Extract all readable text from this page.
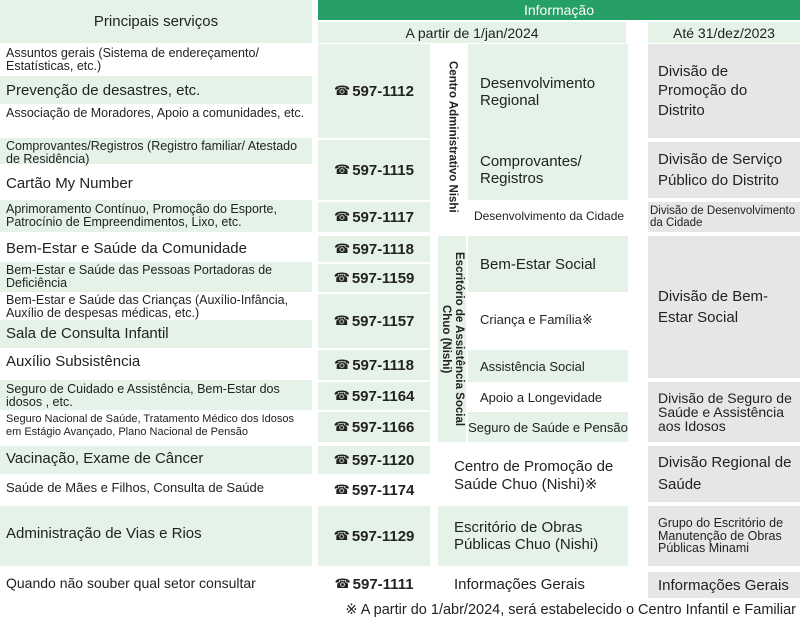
Principais serviços
Informação
A partir de 1/jan/2024	Até 31/dez/2023
Assuntos gerais (Sistema de endereçamento/ Estatísticas, etc.)
Prevenção de desastres, etc.
Associação de Moradores, Apoio a comunidades, etc.
Comprovantes/Registros (Registro familiar/ Atestado de Residência)
Cartão My Number
Aprimoramento Contínuo, Promoção do Esporte, Patrocínio de Empreendimentos, Lixo, etc.
Bem-Estar e Saúde da Comunidade
Bem-Estar e Saúde das Pessoas Portadoras de Deficiência
Bem-Estar e Saúde das Crianças (Auxílio-Infância, Auxílio de despesas médicas, etc.)
Sala de Consulta Infantil
Auxílio Subsistência
Seguro de Cuidado e Assistência, Bem-Estar dos idosos , etc.
Seguro Nacional de Saúde, Tratamento Médico dos Idosos em Estágio Avançado, Plano Nacional de Pensão
Vacinação, Exame de Câncer
Saúde de Mães e Filhos, Consulta de Saúde
Administração de Vias e Rios
Quando não souber qual setor consultar
☎ 597-1112
☎ 597-1115
☎ 597-1117
☎ 597-1118
☎ 597-1159
☎ 597-1157
☎ 597-1118
☎ 597-1164
☎ 597-1166
☎ 597-1120
☎ 597-1174
☎ 597-1129
☎ 597-1111
Centro Administrativo Nishi
Escritório de Assistência Social Chuo (Nishi)
Desenvolvimento Regional
Comprovantes/ Registros
Desenvolvimento da Cidade
Bem-Estar Social
Criança e Família※
Assistência Social
Apoio a Longevidade
Seguro de Saúde e Pensão
Centro de Promoção de Saúde Chuo (Nishi)※
Escritório de Obras Públicas Chuo (Nishi)
Informações Gerais
Divisão de Promoção do Distrito
Divisão de Serviço Público do Distrito
Divisão de Desenvolvimento da Cidade
Divisão de Bem-Estar Social
Divisão de Seguro de Saúde e Assistência aos Idosos
Divisão Regional de Saúde
Grupo do Escritório de Manutenção de Obras Públicas Minami
Informações Gerais
※ A partir do 1/abr/2024, será estabelecido o Centro Infantil e Familiar
